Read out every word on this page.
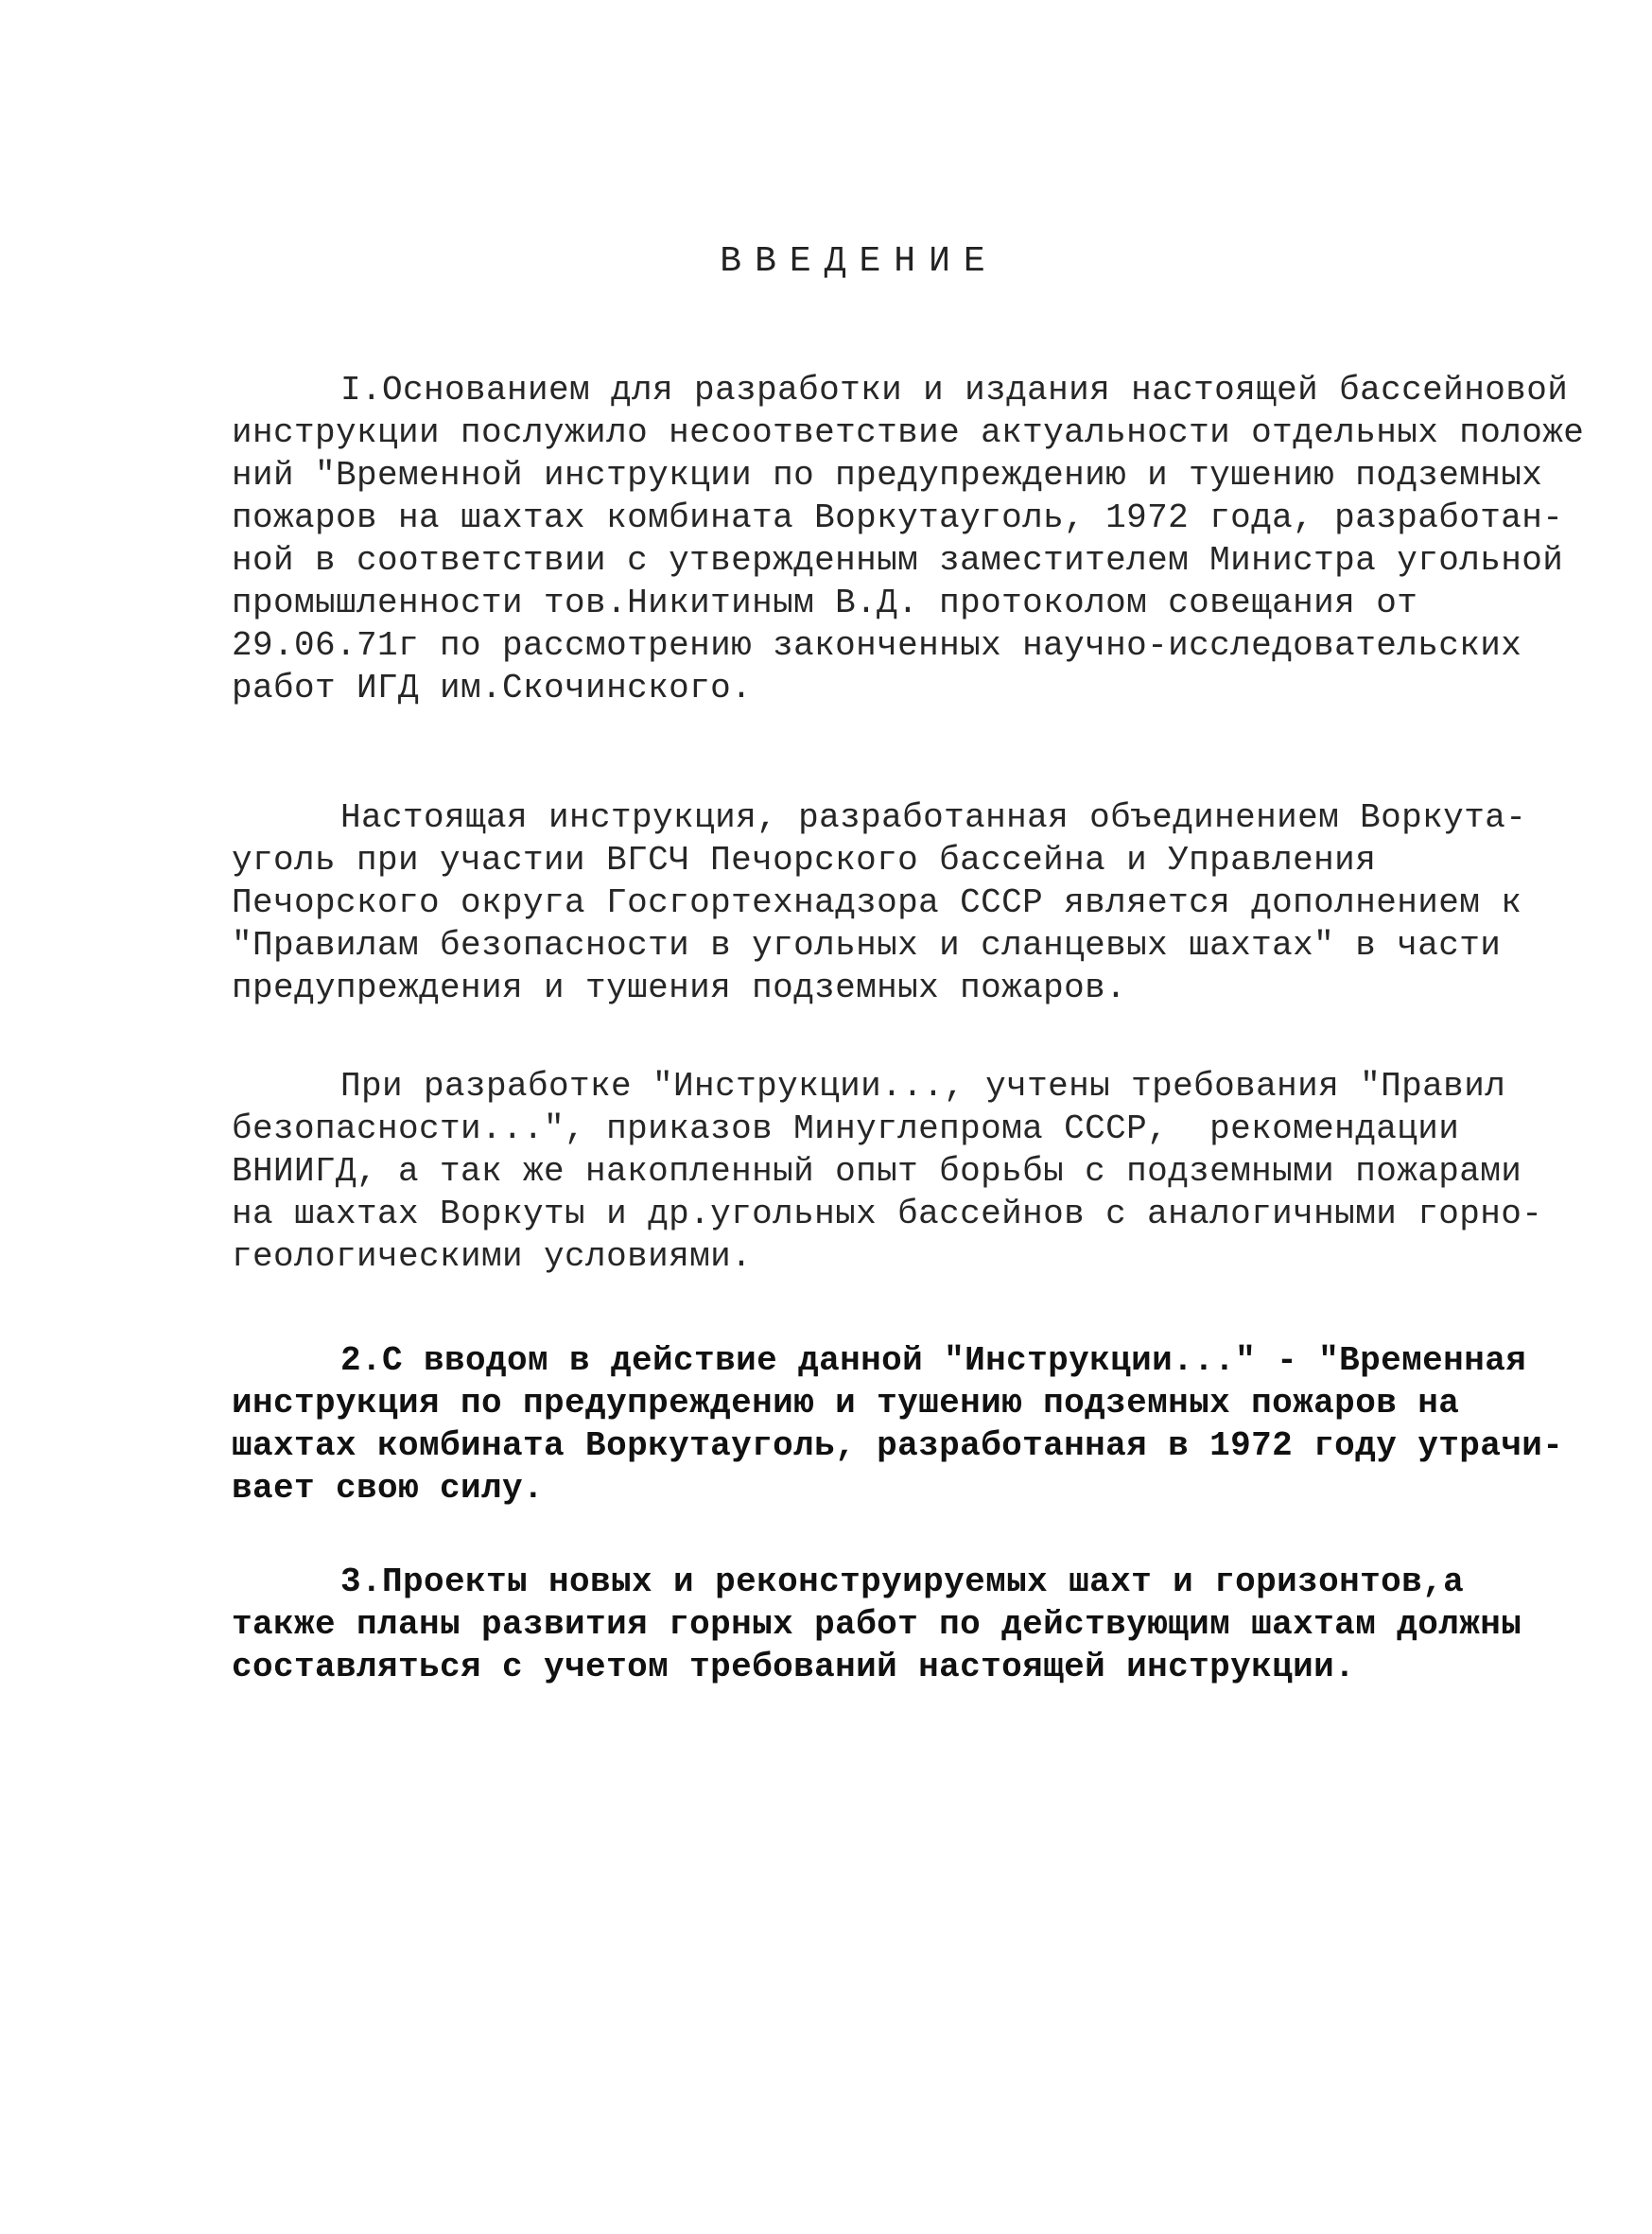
ВВЕДЕНИЕ
I.Основанием для разработки и издания настоящей бассейновой
инструкции послужило несоответствие актуальности отдельных положе
ний "Временной инструкции по предупреждению и тушению подземных
пожаров на шахтах комбината Воркутауголь, 1972 года, разработан-
ной в соответствии с утвержденным заместителем Министра угольной
промышленности тов.Никитиным В.Д. протоколом совещания от
29.06.71г по рассмотрению законченных научно-исследовательских
работ ИГД им.Скочинского.
Настоящая инструкция, разработанная объединением Воркута-
уголь при участии ВГСЧ Печорского бассейна и Управления
Печорского округа Госгортехнадзора СССР является дополнением к
"Правилам безопасности в угольных и сланцевых шахтах" в части
предупреждения и тушения подземных пожаров.
При разработке "Инструкции..., учтены требования "Правил
безопасности...", приказов Минуглепрома СССР,  рекомендации
ВНИИГД, а так же накопленный опыт борьбы с подземными пожарами
на шахтах Воркуты и др.угольных бассейнов с аналогичными горно-
геологическими условиями.
2.С вводом в действие данной "Инструкции..." - "Временная
инструкция по предупреждению и тушению подземных пожаров на
шахтах комбината Воркутауголь, разработанная в 1972 году утрачи-
вает свою силу.
3.Проекты новых и реконструируемых шахт и горизонтов,а
также планы развития горных работ по действующим шахтам должны
составляться с учетом требований настоящей инструкции.
